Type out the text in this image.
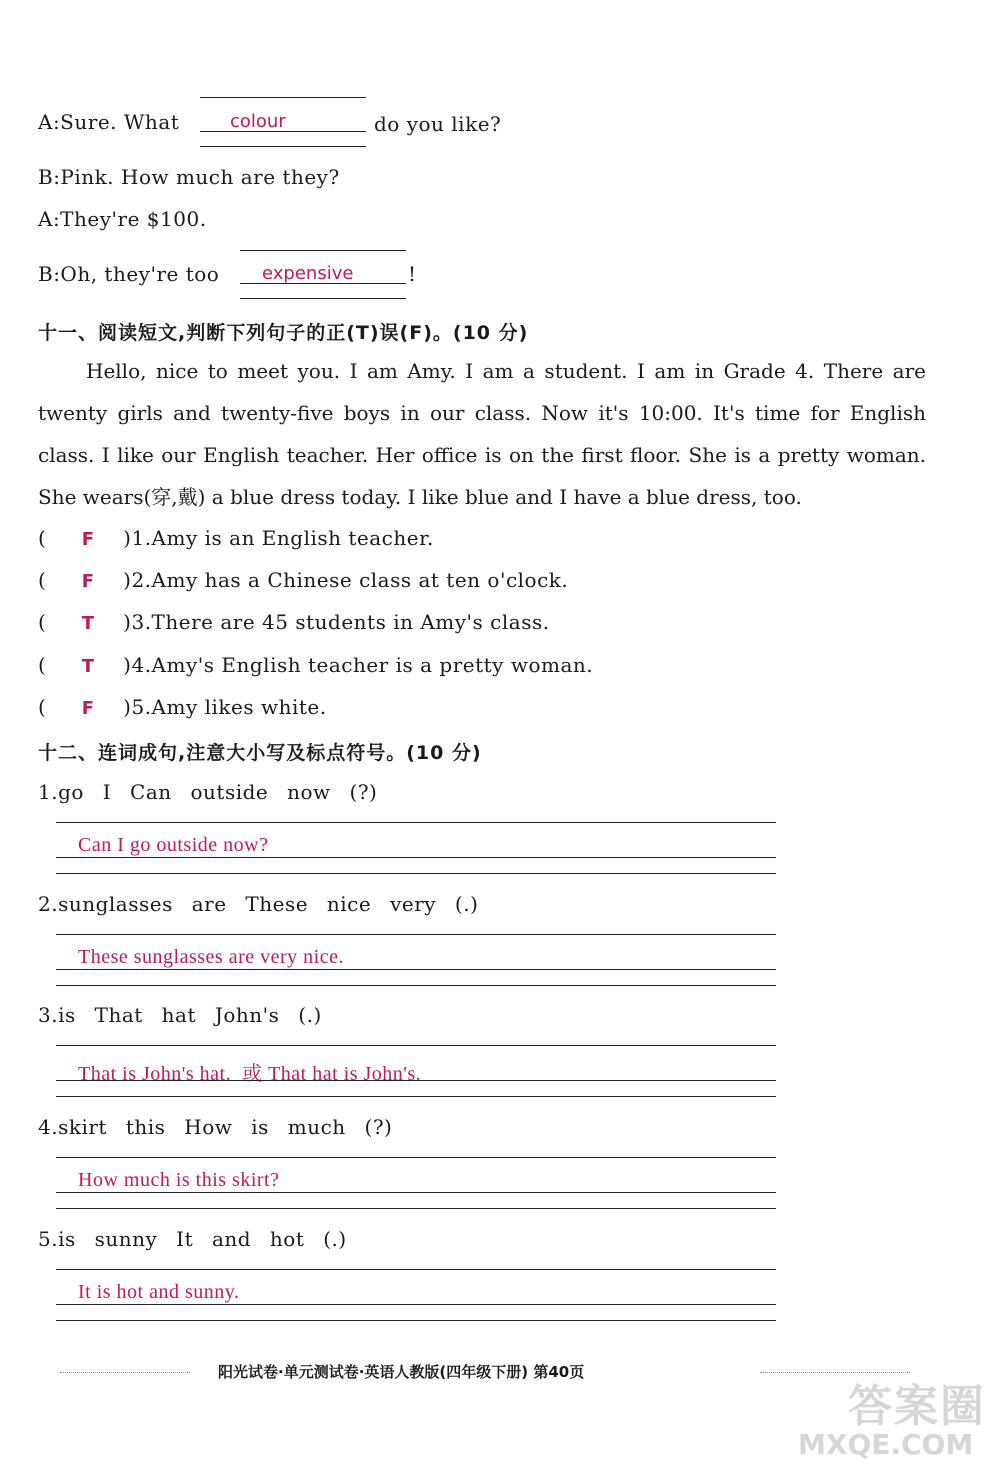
A:Sure. What	colour	do you like?
B:Pink. How much are they?
A:They're $100.
B:Oh, they're too expensive	!
十一、阅读短文,判断下列句子的正(T)误(F)。(10 分)
Hello, nice to meet you. I am Amy. I am a student. I am in Grade 4. There are twenty girls and twenty-five boys in our class. Now it's 10:00. It's time for English class. I like our English teacher. Her office is on the first floor. She is a pretty woman. She wears(穿,戴) a blue dress today. I like blue and I have a blue dress, too.
( F )1.Amy is an English teacher.
( F )2.Amy has a Chinese class at ten o'clock.
( T )3.There are 45 students in Amy's class.
( T )4.Amy's English teacher is a pretty woman.
( F )5.Amy likes white.
十二、连词成句,注意大小写及标点符号。(10 分)
1.go I Can outside now (?)
Can I go outside now?
2.sunglasses are These nice very (.)
These sunglasses are very nice.
3.is That hat John's (.)
That is John's hat.  或 That hat is John's.
4.skirt this How is much (?)
How much is this skirt?
5.is sunny It and hot (.)
It is hot and sunny.
阳光试卷·单元测试卷·英语人教版(四年级下册) 第40页
答案圈
MXQE.COM
